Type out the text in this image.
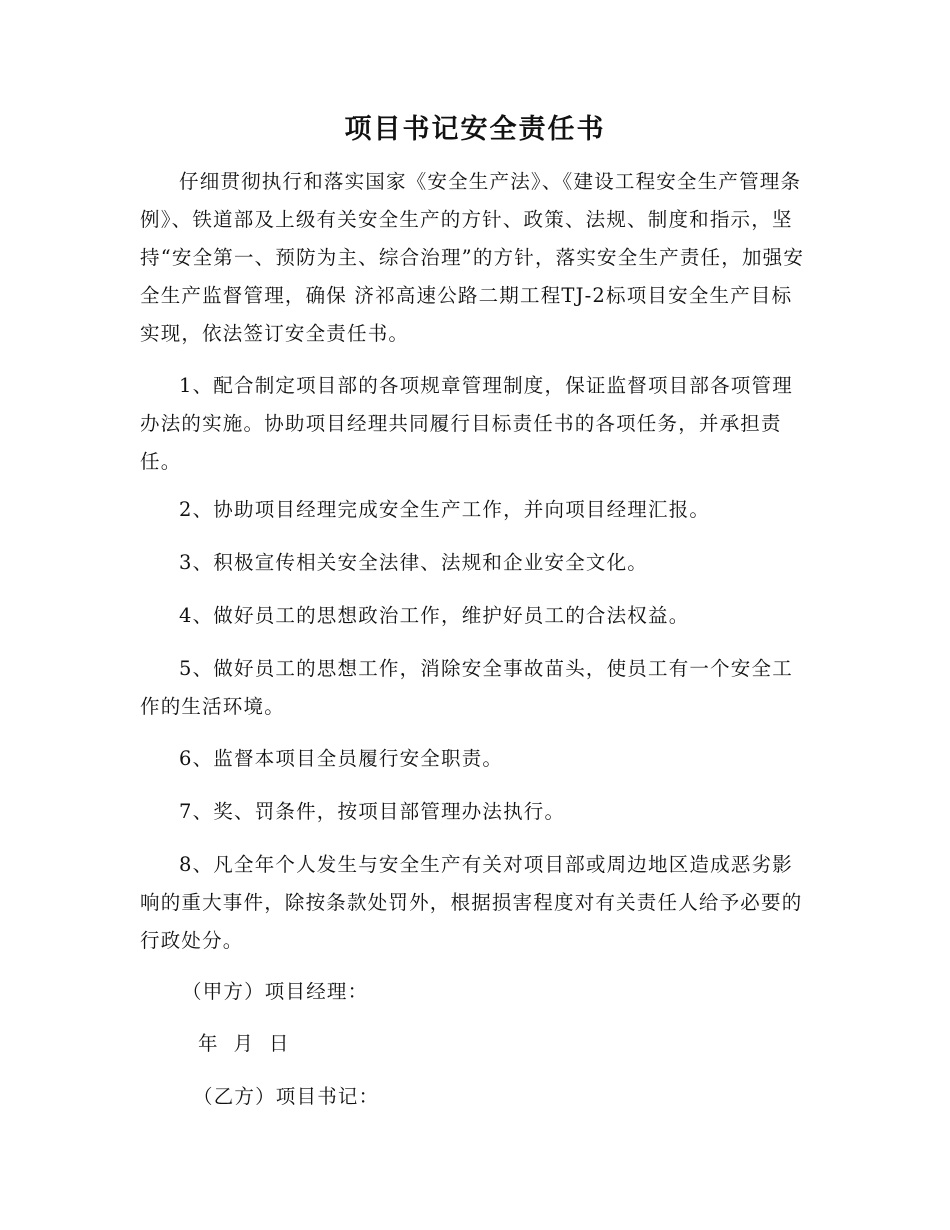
项目书记安全责任书

仔细贯彻执行和落实国家《安全生产法》、《建设工程安全生产管理条例》、铁道部及上级有关安全生产的方针、政策、法规、制度和指示，坚持“安全第一、预防为主、综合治理”的方针，落实安全生产责任，加强安全生产监督管理，确保 济祁高速公路二期工程TJ-2标项目安全生产目标实现，依法签订安全责任书。

1、配合制定项目部的各项规章管理制度，保证监督项目部各项管理办法的实施。协助项目经理共同履行目标责任书的各项任务，并承担责任。

2、协助项目经理完成安全生产工作，并向项目经理汇报。

3、积极宣传相关安全法律、法规和企业安全文化。

4、做好员工的思想政治工作，维护好员工的合法权益。

5、做好员工的思想工作，消除安全事故苗头，使员工有一个安全工作的生活环境。

6、监督本项目全员履行安全职责。

7、奖、罚条件，按项目部管理办法执行。

8、凡全年个人发生与安全生产有关对项目部或周边地区造成恶劣影响的重大事件，除按条款处罚外，根据损害程度对有关责任人给予必要的行政处分。

（甲方）项目经理：

年  月  日

（乙方）项目书记：
